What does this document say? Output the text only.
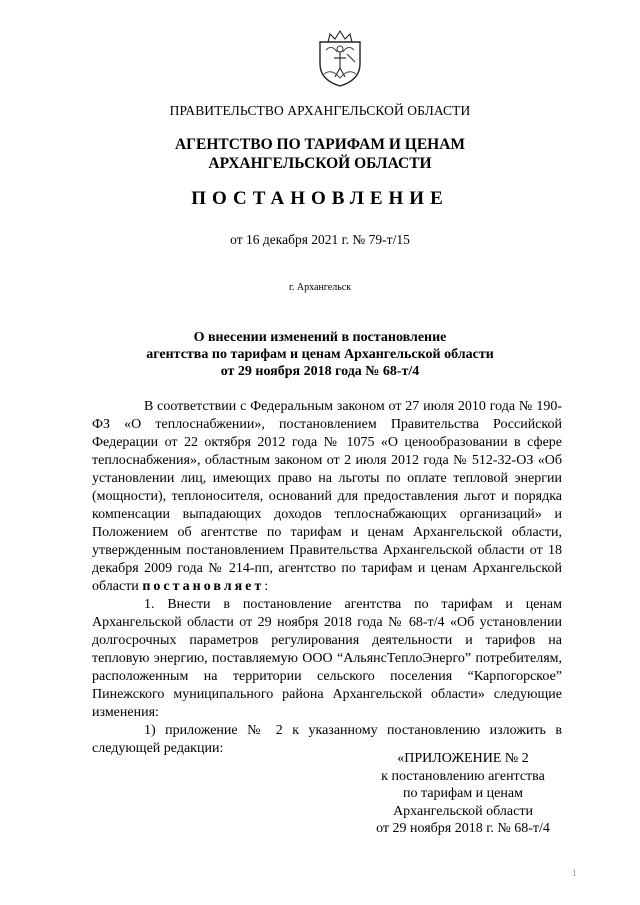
ПРАВИТЕЛЬСТВО АРХАНГЕЛЬСКОЙ ОБЛАСТИ
АГЕНТСТВО ПО ТАРИФАМ И ЦЕНАМ
АРХАНГЕЛЬСКОЙ ОБЛАСТИ
ПОСТАНОВЛЕНИЕ
от 16 декабря 2021 г. № 79-т/15
г. Архангельск
О внесении изменений в постановление
агентства по тарифам и ценам Архангельской области
от 29 ноября 2018 года № 68-т/4

В соответствии с Федеральным законом от 27 июля 2010 года № 190-ФЗ «О теплоснабжении», постановлением Правительства Российской Федерации от 22 октября 2012 года № 1075 «О ценообразовании в сфере теплоснабжения», областным законом от 2 июля 2012 года № 512-32-ОЗ «Об установлении лиц, имеющих право на льготы по оплате тепловой энергии (мощности), теплоносителя, оснований для предоставления льгот и порядка компенсации выпадающих доходов теплоснабжающих организаций» и Положением об агентстве по тарифам и ценам Архангельской области, утвержденным постановлением Правительства Архангельской области от 18 декабря 2009 года № 214-пп, агентство по тарифам и ценам Архангельской области постановляет:

1. Внести в постановление агентства по тарифам и ценам Архангельской области от 29 ноября 2018 года № 68-т/4 «Об установлении долгосрочных параметров регулирования деятельности и тарифов на тепловую энергию, поставляемую ООО “АльянсТеплоЭнерго” потребителям, расположенным на территории сельского поселения “Карпогорское” Пинежского муниципального района Архангельской области» следующие изменения:

1) приложение № 2 к указанному постановлению изложить в следующей редакции:

«ПРИЛОЖЕНИЕ № 2
к постановлению агентства
по тарифам и ценам
Архангельской области
от 29 ноября 2018 г. № 68-т/4
1
